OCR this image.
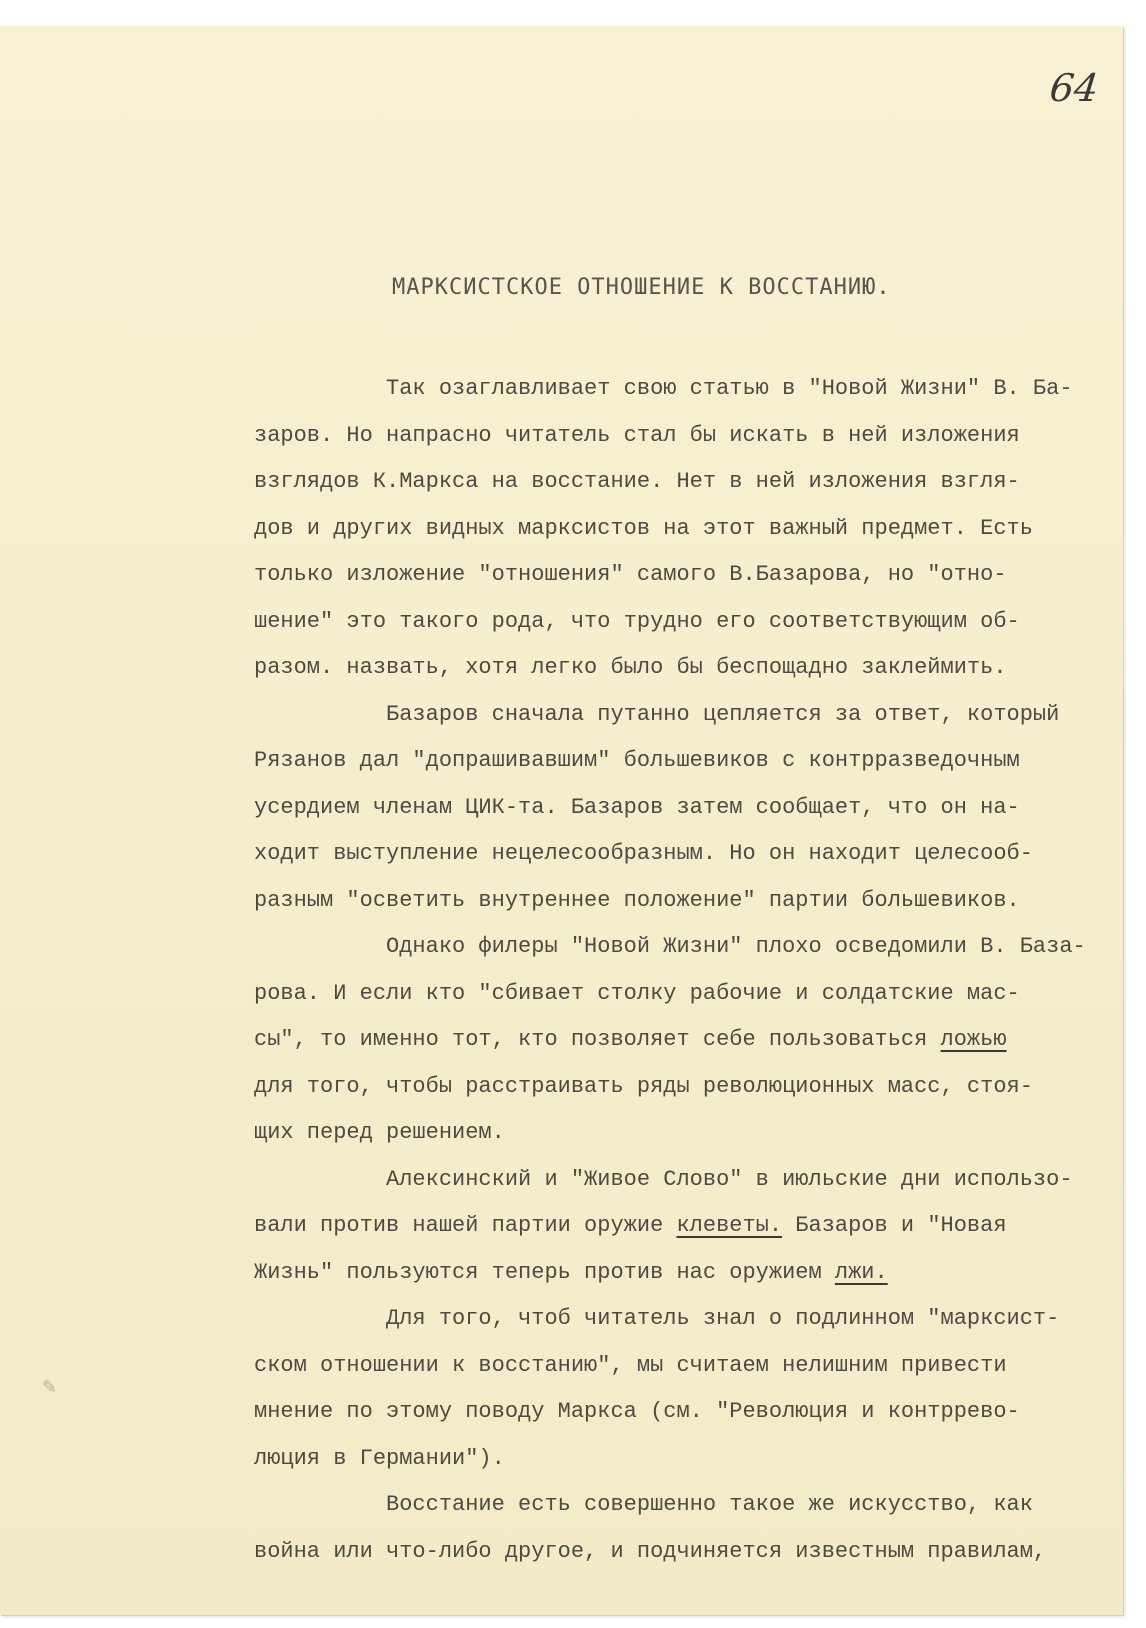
64
МАРКСИСТСКОЕ ОТНОШЕНИЕ К ВОССТАНИЮ.
✎
Так озаглавливает свою статью в "Новой Жизни" В. Ба-
заров. Но напрасно читатель стал бы искать в ней изложения
взглядов К.Маркса на восстание. Нет в ней изложения взгля-
дов и других видных марксистов на этот важный предмет. Есть
только изложение "отношения" самого В.Базарова, но "отно-
шение" это такого рода, что трудно его соответствующим об-
разом. назвать, хотя легко было бы беспощадно заклеймить.
Базаров сначала путанно цепляется за ответ, который
Рязанов дал "допрашивавшим" большевиков с контрразведочным
усердием членам ЦИК-та. Базаров затем сообщает, что он на-
ходит выступление нецелесообразным. Но он находит целесооб-
разным "осветить внутреннее положение" партии большевиков.
Однако филеры "Новой Жизни" плохо осведомили В. База-
рова. И если кто "сбивает столку рабочие и солдатские мас-
сы", то именно тот, кто позволяет себе пользоваться ложью
для того, чтобы расстраивать ряды революционных масс, стоя-
щих перед решением.
Алексинский и "Живое Слово" в июльские дни использо-
вали против нашей партии оружие клеветы. Базаров и "Новая
Жизнь" пользуются теперь против нас оружием лжи.
Для того, чтоб читатель знал о подлинном "марксист-
ском отношении к восстанию", мы считаем нелишним привести
мнение по этому поводу Маркса (см. "Революция и контррево-
люция в Германии").
Восстание есть совершенно такое же искусство, как
война или что-либо другое, и подчиняется известным правилам,
